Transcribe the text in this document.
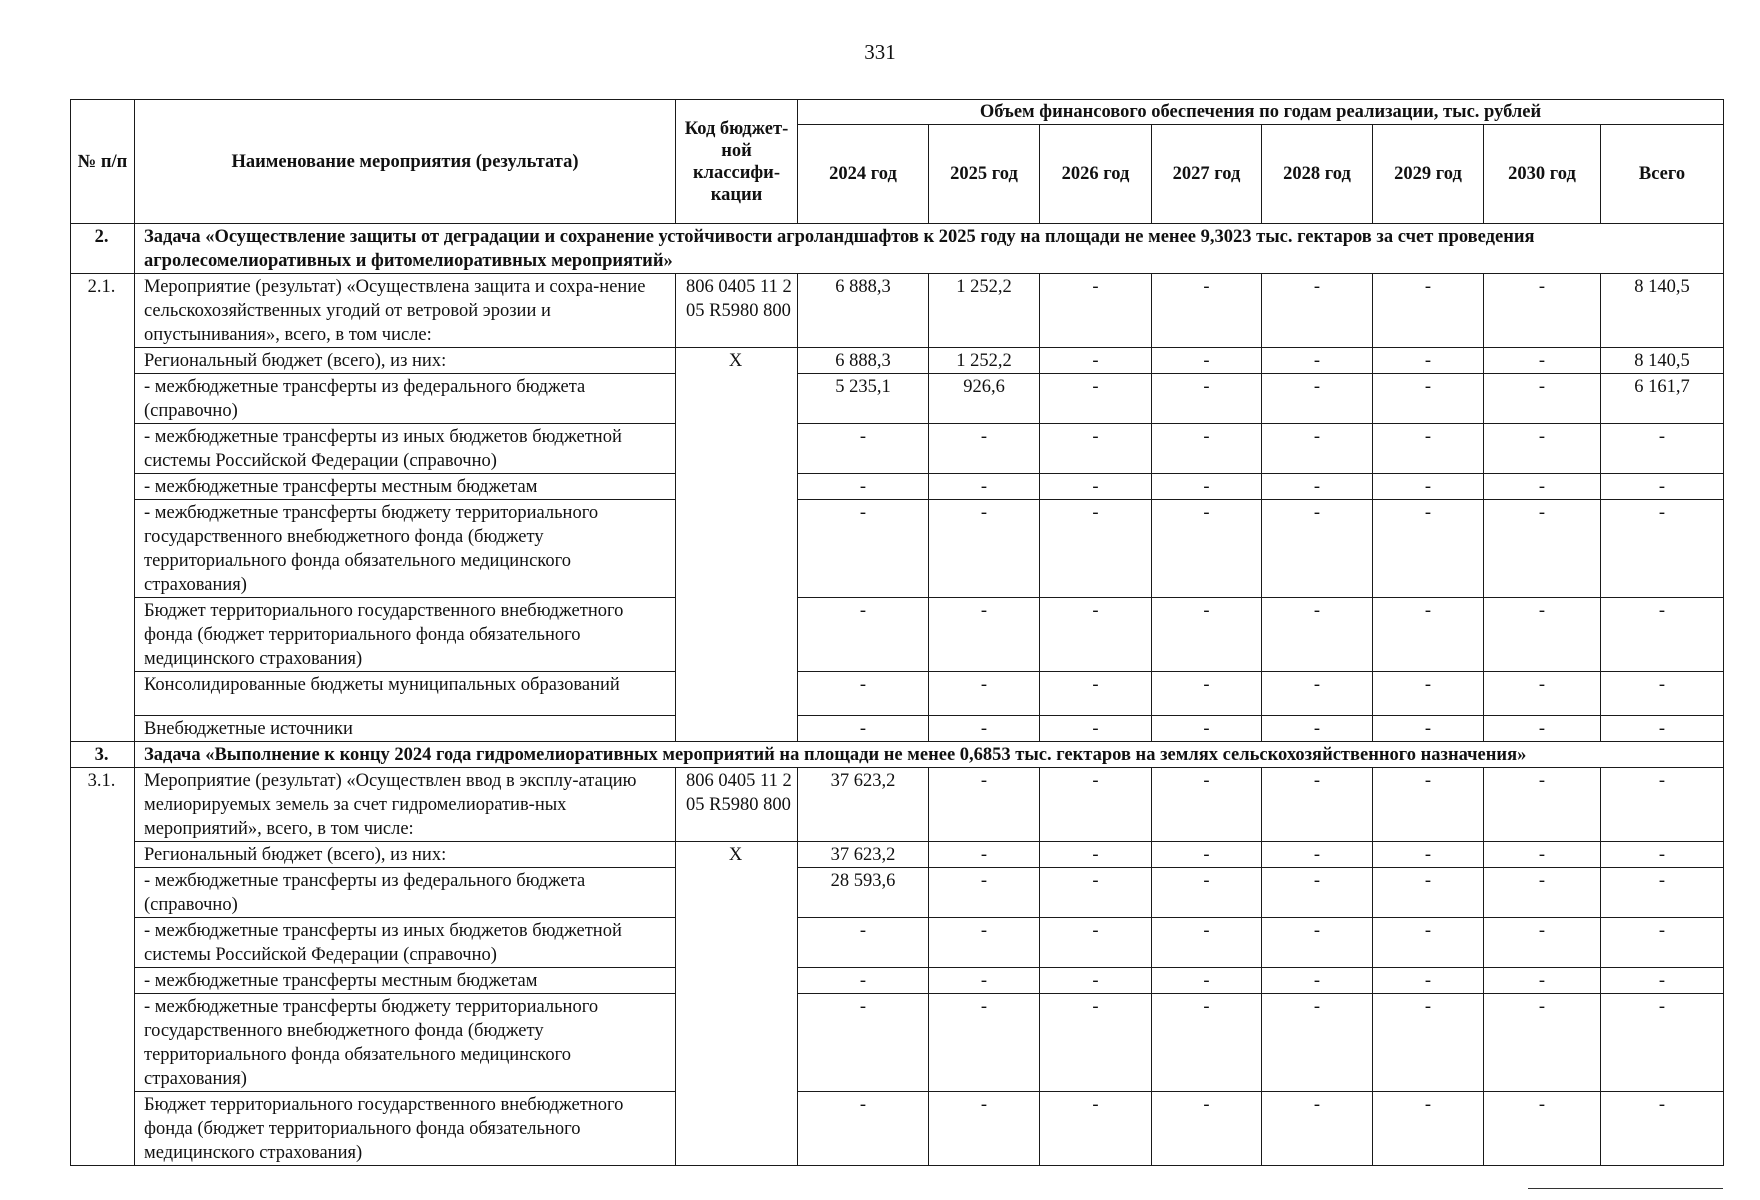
331
№ п/п	Наименование мероприятия (результата)	Код бюджет-ной классифи-кации	Объем финансового обеспечения по годам реализации, тыс. рублей							
			2024 год	2025 год	2026 год	2027 год	2028 год	2029 год	2030 год	Всего
2.	Задача «Осуществление защиты от деградации и сохранение устойчивости агроландшафтов к 2025 году на площади не менее 9,3023 тыс. гектаров за счет проведения агролесомелиоративных и фитомелиоративных мероприятий»									
2.1.	Мероприятие (результат) «Осуществлена защита и сохра-нение сельскохозяйственных угодий от ветровой эрозии и опустынивания», всего, в том числе:	806 0405 11 2 05 R5980 800	6 888,3	1 252,2	-	-	-	-	-	8 140,5
	Региональный бюджет (всего), из них:	Х	6 888,3	1 252,2	-	-	-	-	-	8 140,5
	- межбюджетные трансферты из федерального бюджета (справочно)		5 235,1	926,6	-	-	-	-	-	6 161,7
	- межбюджетные трансферты из иных бюджетов бюджетной системы Российской Федерации (справочно)		-	-	-	-	-	-	-	-
	- межбюджетные трансферты местным бюджетам		-	-	-	-	-	-	-	-
	- межбюджетные трансферты бюджету территориального государственного внебюджетного фонда (бюджету территориального фонда обязательного медицинского страхования)		-	-	-	-	-	-	-	-
	Бюджет территориального государственного внебюджетного фонда (бюджет территориального фонда обязательного медицинского страхования)		-	-	-	-	-	-	-	-
	Консолидированные бюджеты муниципальных образований		-	-	-	-	-	-	-	-
	Внебюджетные источники		-	-	-	-	-	-	-	-
3.	Задача «Выполнение к концу 2024 года гидромелиоративных мероприятий на площади не менее 0,6853 тыс. гектаров на землях сельскохозяйственного назначения»									
3.1.	Мероприятие (результат) «Осуществлен ввод в эксплу-атацию мелиорируемых земель за счет гидромелиоратив-ных мероприятий», всего, в том числе:	806 0405 11 2 05 R5980 800	37 623,2	-	-	-	-	-	-	-
	Региональный бюджет (всего), из них:	Х	37 623,2	-	-	-	-	-	-	-
	- межбюджетные трансферты из федерального бюджета (справочно)		28 593,6	-	-	-	-	-	-	-
	- межбюджетные трансферты из иных бюджетов бюджетной системы Российской Федерации (справочно)		-	-	-	-	-	-	-	-
	- межбюджетные трансферты местным бюджетам		-	-	-	-	-	-	-	-
	- межбюджетные трансферты бюджету территориального государственного внебюджетного фонда (бюджету территориального фонда обязательного медицинского страхования)		-	-	-	-	-	-	-	-
	Бюджет территориального государственного внебюджетного фонда (бюджет территориального фонда обязательного медицинского страхования)		-	-	-	-	-	-	-	-
